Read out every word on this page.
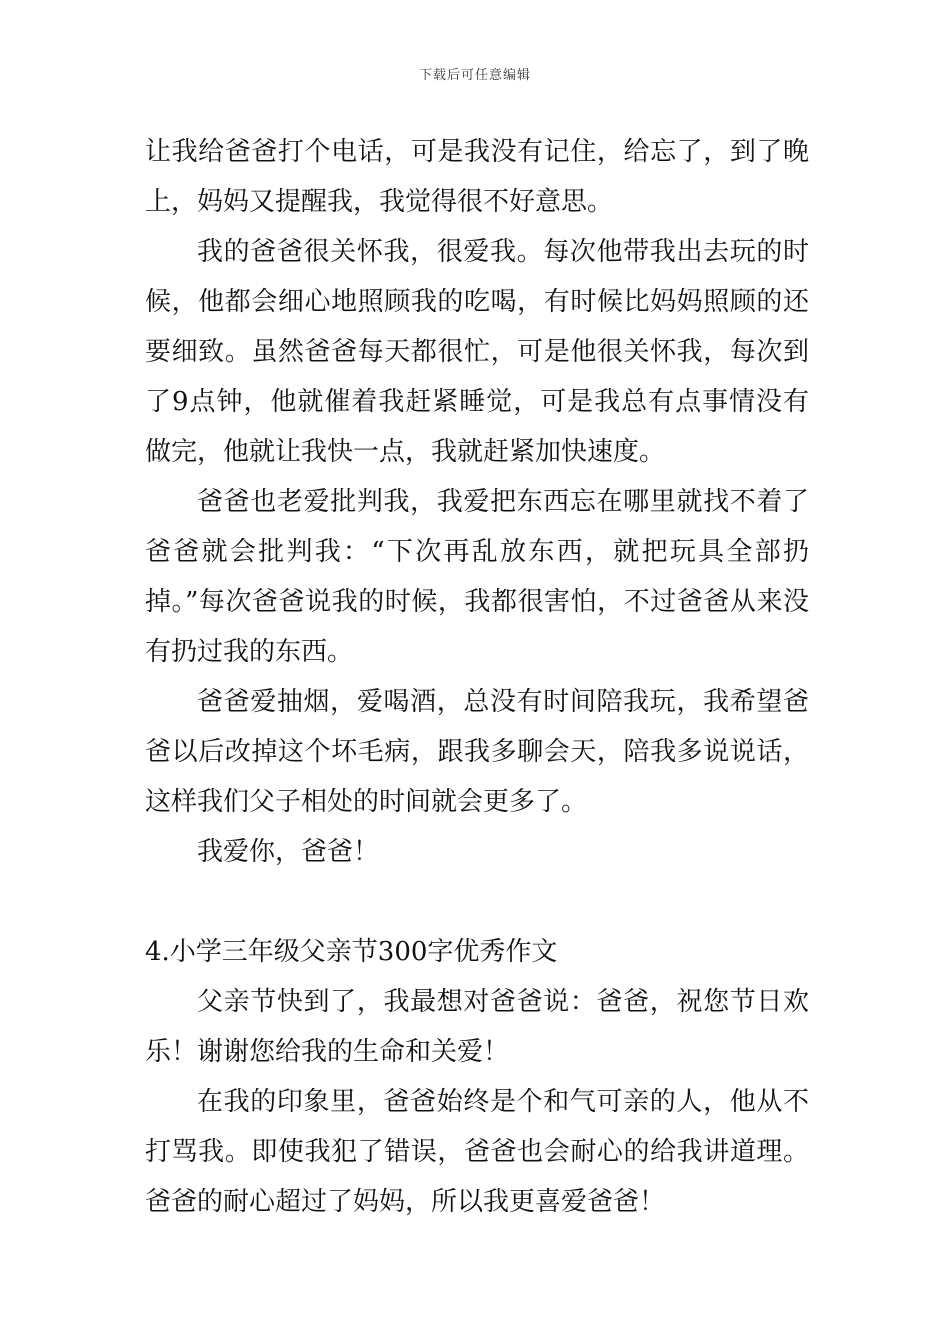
下载后可任意编辑

让我给爸爸打个电话，可是我没有记住，给忘了，到了晚上，妈妈又提醒我，我觉得很不好意思。

我的爸爸很关怀我，很爱我。每次他带我出去玩的时候，他都会细心地照顾我的吃喝，有时候比妈妈照顾的还要细致。虽然爸爸每天都很忙，可是他很关怀我，每次到了9点钟，他就催着我赶紧睡觉，可是我总有点事情没有做完，他就让我快一点，我就赶紧加快速度。

爸爸也老爱批判我，我爱把东西忘在哪里就找不着了爸爸就会批判我：“下次再乱放东西，就把玩具全部扔掉。”每次爸爸说我的时候，我都很害怕，不过爸爸从来没有扔过我的东西。

爸爸爱抽烟，爱喝酒，总没有时间陪我玩，我希望爸爸以后改掉这个坏毛病，跟我多聊会天，陪我多说说话，这样我们父子相处的时间就会更多了。

我爱你，爸爸！

4.小学三年级父亲节300字优秀作文

父亲节快到了，我最想对爸爸说：爸爸，祝您节日欢乐！谢谢您给我的生命和关爱！

在我的印象里，爸爸始终是个和气可亲的人，他从不打骂我。即使我犯了错误，爸爸也会耐心的给我讲道理。爸爸的耐心超过了妈妈，所以我更喜爱爸爸！
